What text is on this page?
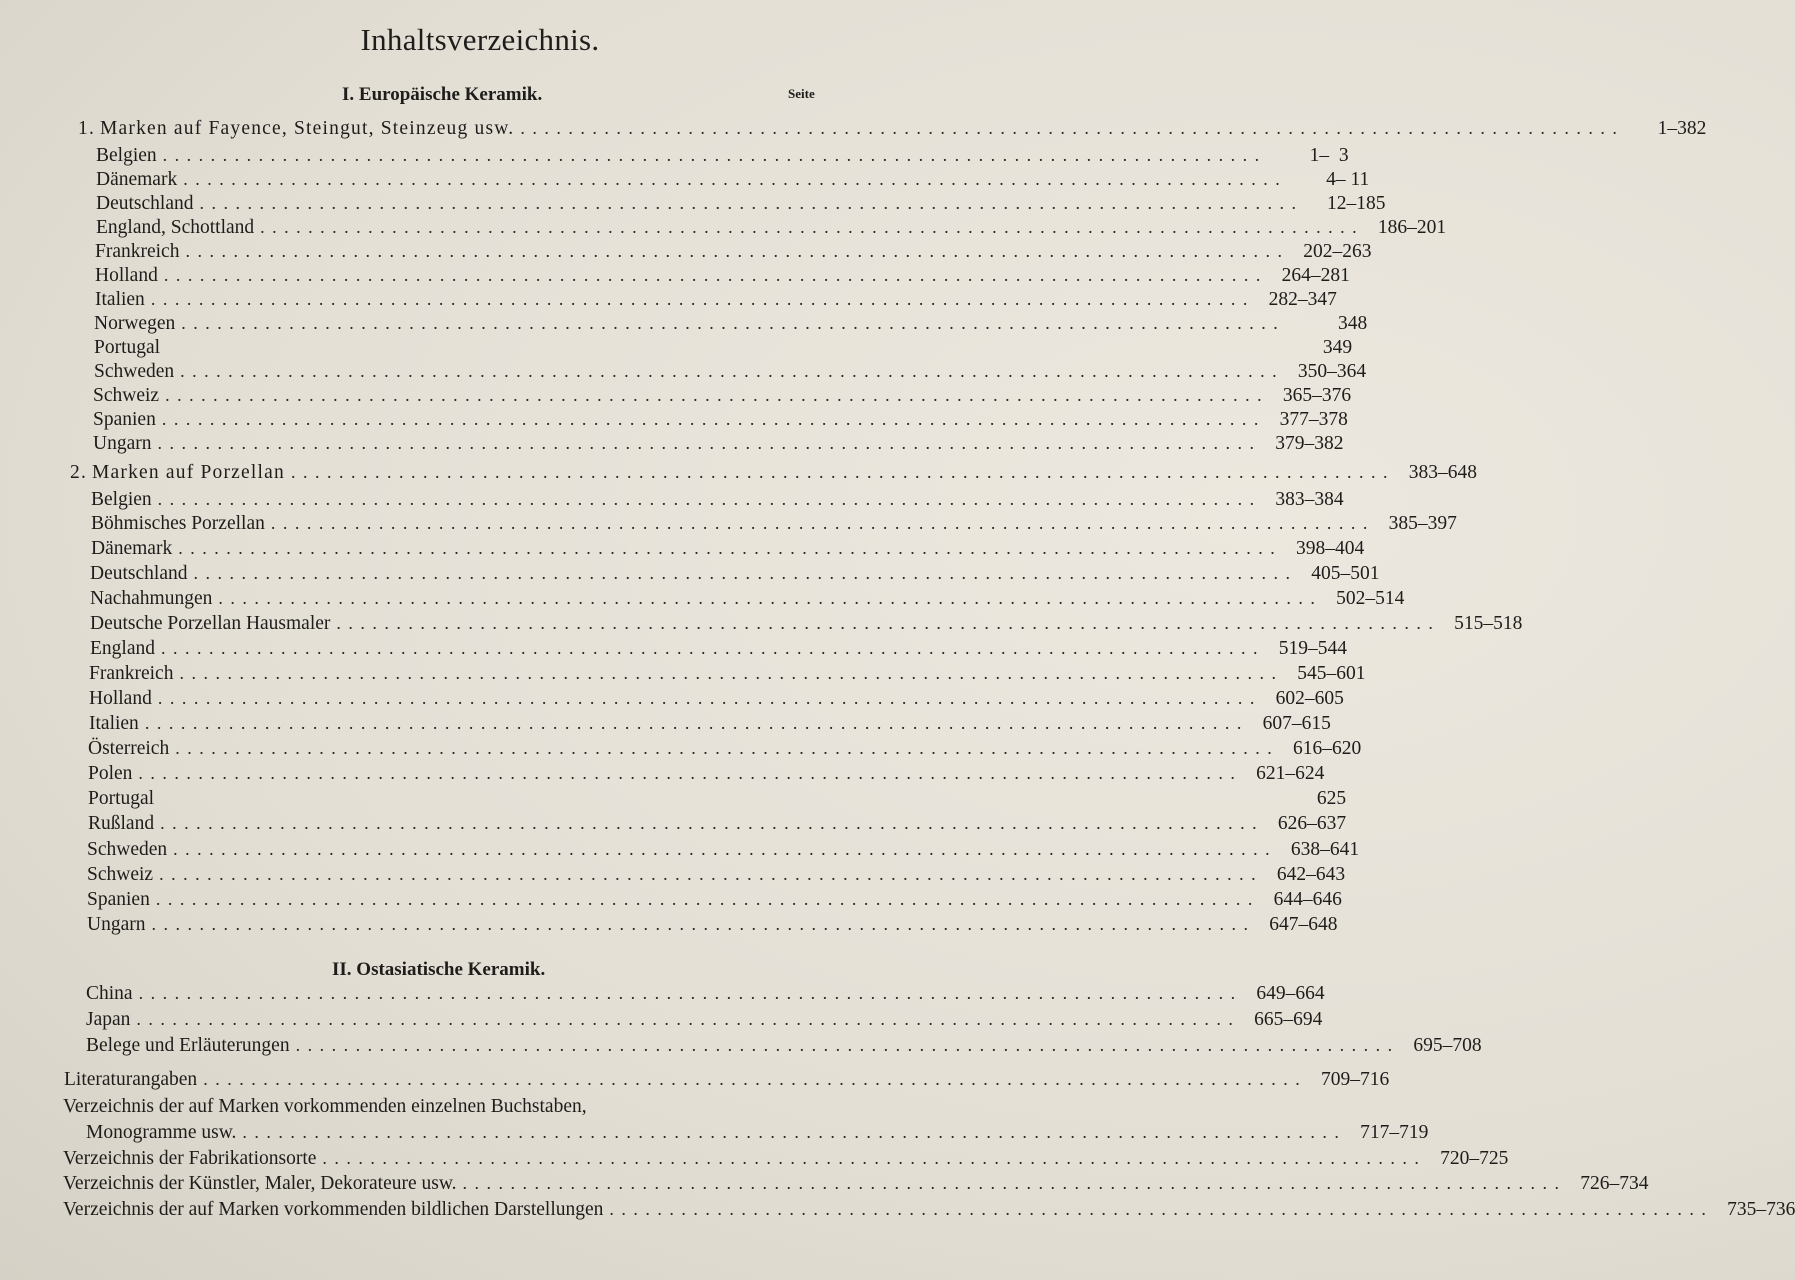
Inhaltsverzeichnis.
I. Europäische Keramik.	Seite
1. Marken auf Fayence, Steingut, Steinzeug usw. ............................................................................................	1–382
Belgien ............................................................................................	1–  3
Dänemark ............................................................................................	4– 11
Deutschland ............................................................................................	12–185
England, Schottland ............................................................................................ 186–201
Frankreich ............................................................................................ 202–263
Holland ............................................................................................ 264–281
Italien ............................................................................................ 282–347
Norwegen ............................................................................................	348
Portugal	349
Schweden ............................................................................................ 350–364
Schweiz ............................................................................................ 365–376
Spanien ............................................................................................ 377–378
Ungarn ............................................................................................ 379–382
2. Marken auf Porzellan ............................................................................................ 383–648
Belgien ............................................................................................ 383–384
Böhmisches Porzellan ............................................................................................ 385–397
Dänemark ............................................................................................ 398–404
Deutschland ............................................................................................ 405–501
Nachahmungen ............................................................................................ 502–514
Deutsche Porzellan Hausmaler ............................................................................................ 515–518
England ............................................................................................ 519–544
Frankreich ............................................................................................ 545–601
Holland ............................................................................................ 602–605
Italien ............................................................................................ 607–615
Österreich ............................................................................................ 616–620
Polen ............................................................................................ 621–624
Portugal	625
Rußland ............................................................................................ 626–637
Schweden ............................................................................................ 638–641
Schweiz ............................................................................................ 642–643
Spanien ............................................................................................ 644–646
Ungarn ............................................................................................ 647–648
II. Ostasiatische Keramik.
China ............................................................................................ 649–664
Japan ............................................................................................ 665–694
Belege und Erläuterungen ............................................................................................ 695–708
Literaturangaben ............................................................................................ 709–716
Verzeichnis der auf Marken vorkommenden einzelnen Buchstaben,
Monogramme usw. ............................................................................................ 717–719
Verzeichnis der Fabrikationsorte ............................................................................................ 720–725
Verzeichnis der Künstler, Maler, Dekorateure usw. ............................................................................................ 726–734
Verzeichnis der auf Marken vorkommenden bildlichen Darstellungen ............................................................................................ 735–736
